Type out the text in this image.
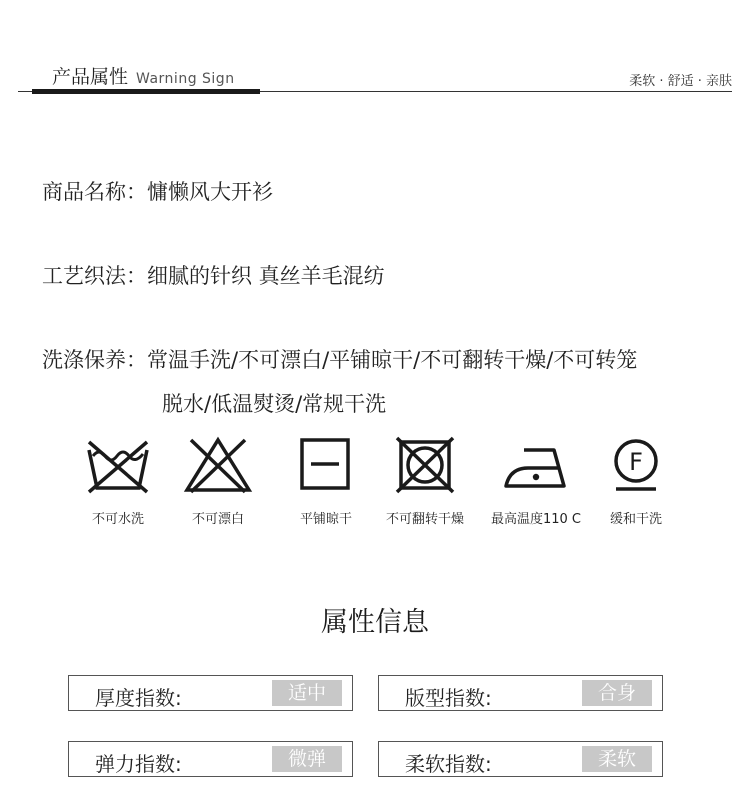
产品属性 Warning Sign	柔软 · 舒适 · 亲肤
商品名称：慵懒风大开衫
工艺织法：细腻的针织 真丝羊毛混纺
洗涤保养：常温手洗/不可漂白/平铺晾干/不可翻转干燥/不可转笼
脱水/低温熨烫/常规干洗
不可水洗	不可漂白	平铺晾干	不可翻转干燥	最高温度110 C
F
缓和干洗
属性信息
厚度指数:	适中	版型指数:	合身
弹力指数:	微弹	柔软指数:	柔软
